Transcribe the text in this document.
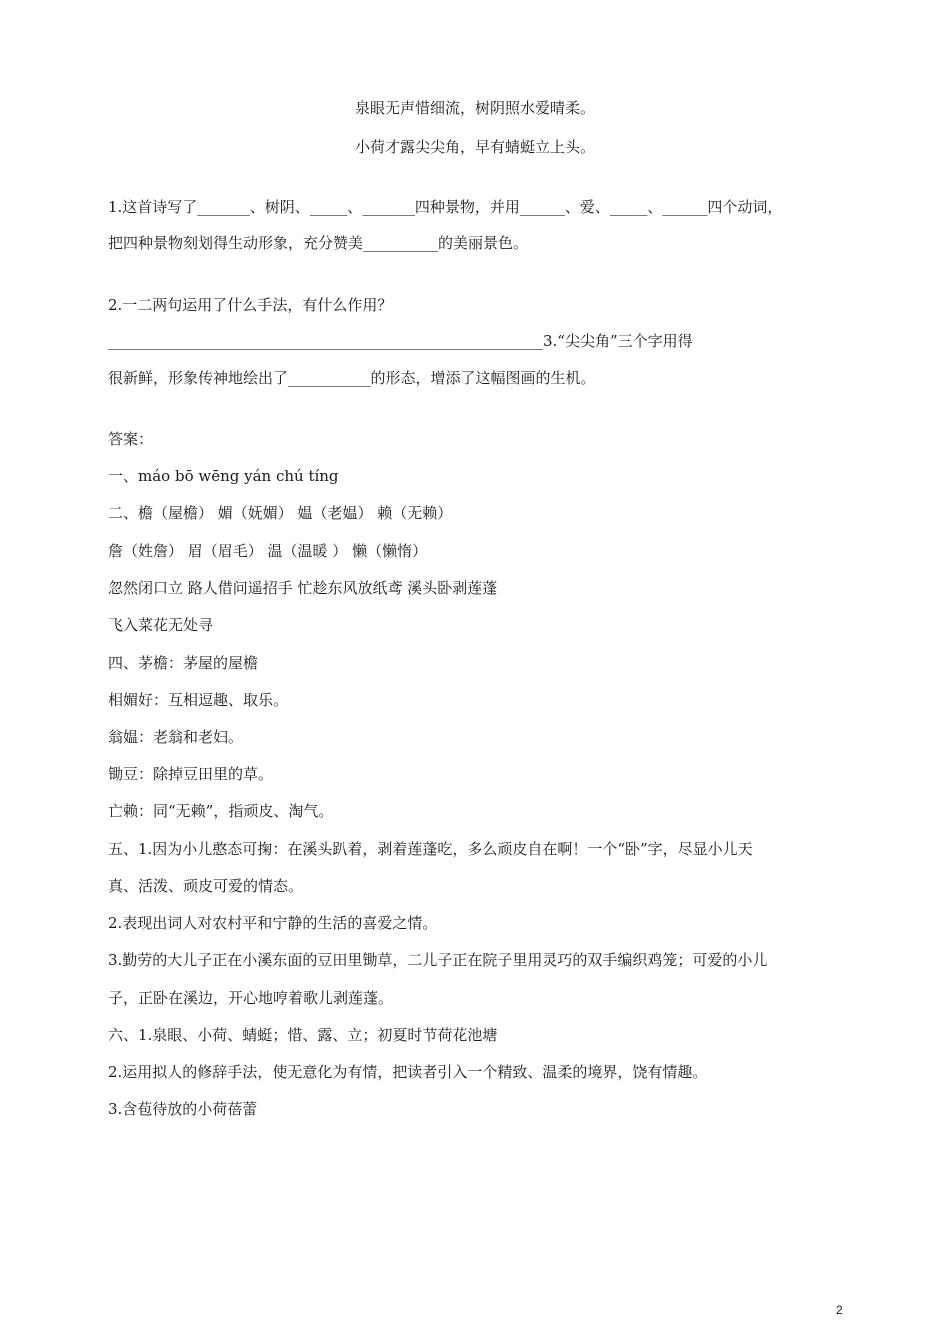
泉眼无声惜细流，树阴照水爱晴柔。
小荷才露尖尖角，早有蜻蜓立上头。
1.这首诗写了_______、树阴、_____、_______四种景物，并用______、爱、_____、______四个动词，
把四种景物刻划得生动形象，充分赞美__________的美丽景色。
2.一二两句运用了什么手法，有什么作用？
__________________________________________________________3.“尖尖角”三个字用得
很新鲜，形象传神地绘出了___________的形态，增添了这幅图画的生机。
答案：
一、máo bō wēng yán chú tíng
二、檐（屋檐） 媚（妩媚） 媪（老媪） 赖（无赖）
詹（姓詹） 眉（眉毛） 温（温暖 ） 懒（懒惰）
忽然闭口立 路人借问遥招手 忙趁东风放纸鸢 溪头卧剥莲蓬
飞入菜花无处寻
四、茅檐：茅屋的屋檐
相媚好：互相逗趣、取乐。
翁媪：老翁和老妇。
锄豆：除掉豆田里的草。
亡赖：同“无赖”，指顽皮、淘气。
五、1.因为小儿憨态可掬：在溪头趴着，剥着莲蓬吃，多么顽皮自在啊！一个“卧”字，尽显小儿天
真、活泼、顽皮可爱的情态。
2.表现出词人对农村平和宁静的生活的喜爱之情。
3.勤劳的大儿子正在小溪东面的豆田里锄草，二儿子正在院子里用灵巧的双手编织鸡笼；可爱的小儿
子，正卧在溪边，开心地哼着歌儿剥莲蓬。
六、1.泉眼、小荷、蜻蜓；惜、露、立；初夏时节荷花池塘
2.运用拟人的修辞手法，使无意化为有情，把读者引入一个精致、温柔的境界，饶有情趣。
3.含苞待放的小荷蓓蕾
2
